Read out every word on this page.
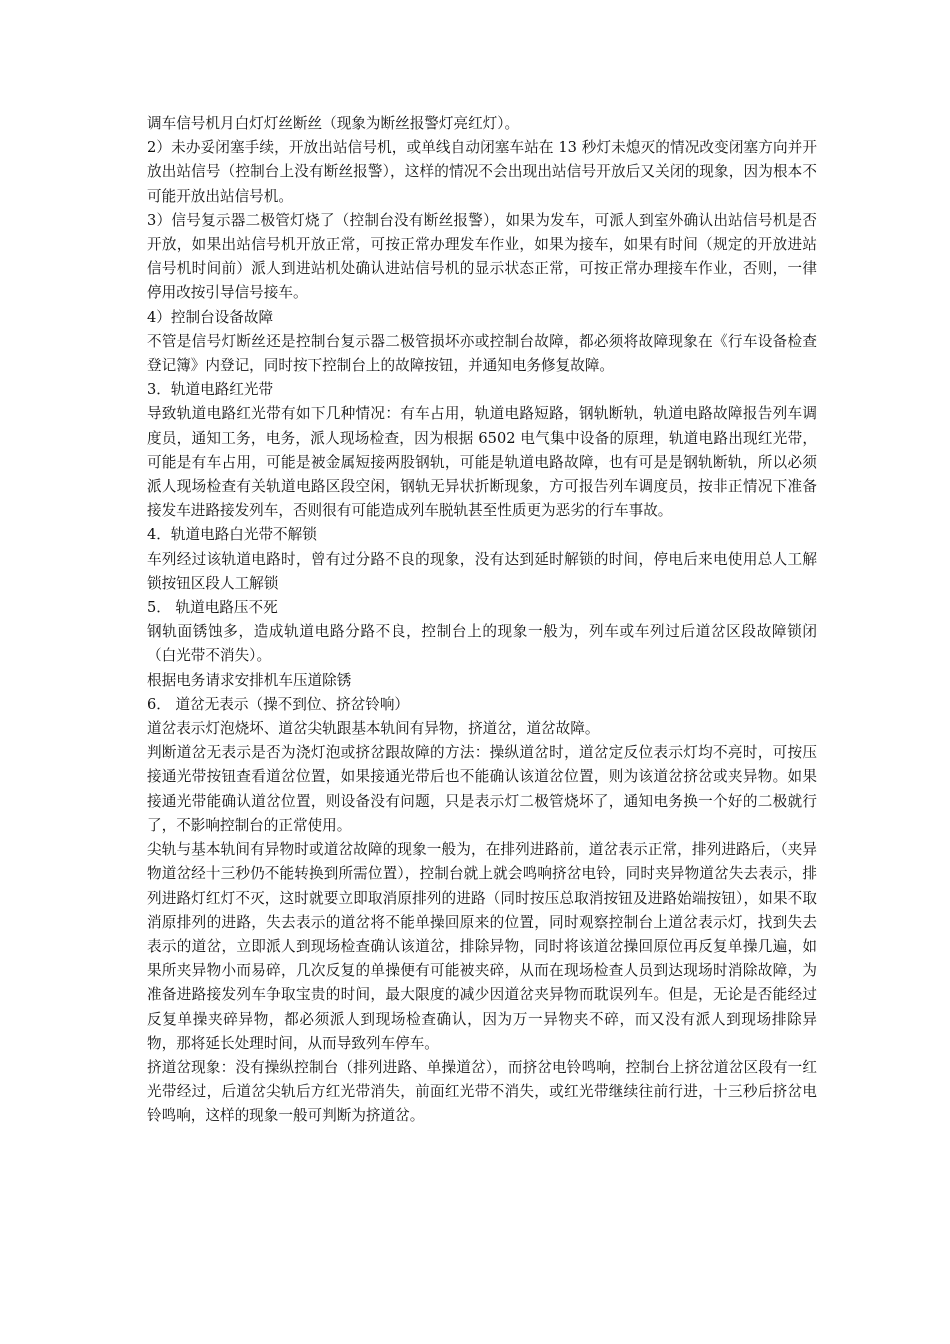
调车信号机月白灯灯丝断丝（现象为断丝报警灯亮红灯）。

2）未办妥闭塞手续，开放出站信号机，或单线自动闭塞车站在 13 秒灯未熄灭的情况改变闭塞方向并开放出站信号（控制台上没有断丝报警），这样的情况不会出现出站信号开放后又关闭的现象，因为根本不可能开放出站信号机。

3）信号复示器二极管灯烧了（控制台没有断丝报警），如果为发车，可派人到室外确认出站信号机是否开放，如果出站信号机开放正常，可按正常办理发车作业，如果为接车，如果有时间（规定的开放进站信号机时间前）派人到进站机处确认进站信号机的显示状态正常，可按正常办理接车作业，否则，一律停用改按引导信号接车。

4）控制台设备故障

不管是信号灯断丝还是控制台复示器二极管损坏亦或控制台故障，都必须将故障现象在《行车设备检查登记簿》内登记，同时按下控制台上的故障按钮，并通知电务修复故障。

3．轨道电路红光带

导致轨道电路红光带有如下几种情况：有车占用，轨道电路短路，钢轨断轨，轨道电路故障报告列车调度员，通知工务，电务，派人现场检查，因为根据 6502 电气集中设备的原理，轨道电路出现红光带，可能是有车占用，可能是被金属短接两股钢轨，可能是轨道电路故障，也有可是是钢轨断轨，所以必须派人现场检查有关轨道电路区段空闲，钢轨无异状折断现象，方可报告列车调度员，按非正情况下准备接发车进路接发列车，否则很有可能造成列车脱轨甚至性质更为恶劣的行车事故。

4．轨道电路白光带不解锁

车列经过该轨道电路时，曾有过分路不良的现象，没有达到延时解锁的时间，停电后来电使用总人工解锁按钮区段人工解锁

5． 轨道电路压不死

钢轨面锈蚀多，造成轨道电路分路不良，控制台上的现象一般为，列车或车列过后道岔区段故障锁闭（白光带不消失）。

根据电务请求安排机车压道除锈

6． 道岔无表示（操不到位、挤岔铃响）

道岔表示灯泡烧坏、道岔尖轨跟基本轨间有异物，挤道岔，道岔故障。

判断道岔无表示是否为浇灯泡或挤岔跟故障的方法：操纵道岔时，道岔定反位表示灯均不亮时，可按压接通光带按钮查看道岔位置，如果接通光带后也不能确认该道岔位置，则为该道岔挤岔或夹异物。如果接通光带能确认道岔位置，则设备没有问题，只是表示灯二极管烧坏了，通知电务换一个好的二极就行了，不影响控制台的正常使用。

尖轨与基本轨间有异物时或道岔故障的现象一般为，在排列进路前，道岔表示正常，排列进路后，（夹异物道岔经十三秒仍不能转换到所需位置），控制台就上就会鸣响挤岔电铃，同时夹异物道岔失去表示，排列进路灯红灯不灭，这时就要立即取消原排列的进路（同时按压总取消按钮及进路始端按钮），如果不取消原排列的进路，失去表示的道岔将不能单操回原来的位置，同时观察控制台上道岔表示灯，找到失去表示的道岔，立即派人到现场检查确认该道岔，排除异物，同时将该道岔操回原位再反复单操几遍，如果所夹异物小而易碎，几次反复的单操便有可能被夹碎，从而在现场检查人员到达现场时消除故障，为准备进路接发列车争取宝贵的时间，最大限度的减少因道岔夹异物而耽误列车。但是，无论是否能经过反复单操夹碎异物，都必须派人到现场检查确认，因为万一异物夹不碎，而又没有派人到现场排除异物，那将延长处理时间，从而导致列车停车。

挤道岔现象：没有操纵控制台（排列进路、单操道岔），而挤岔电铃鸣响，控制台上挤岔道岔区段有一红光带经过，后道岔尖轨后方红光带消失，前面红光带不消失，或红光带继续往前行进，十三秒后挤岔电铃鸣响，这样的现象一般可判断为挤道岔。
